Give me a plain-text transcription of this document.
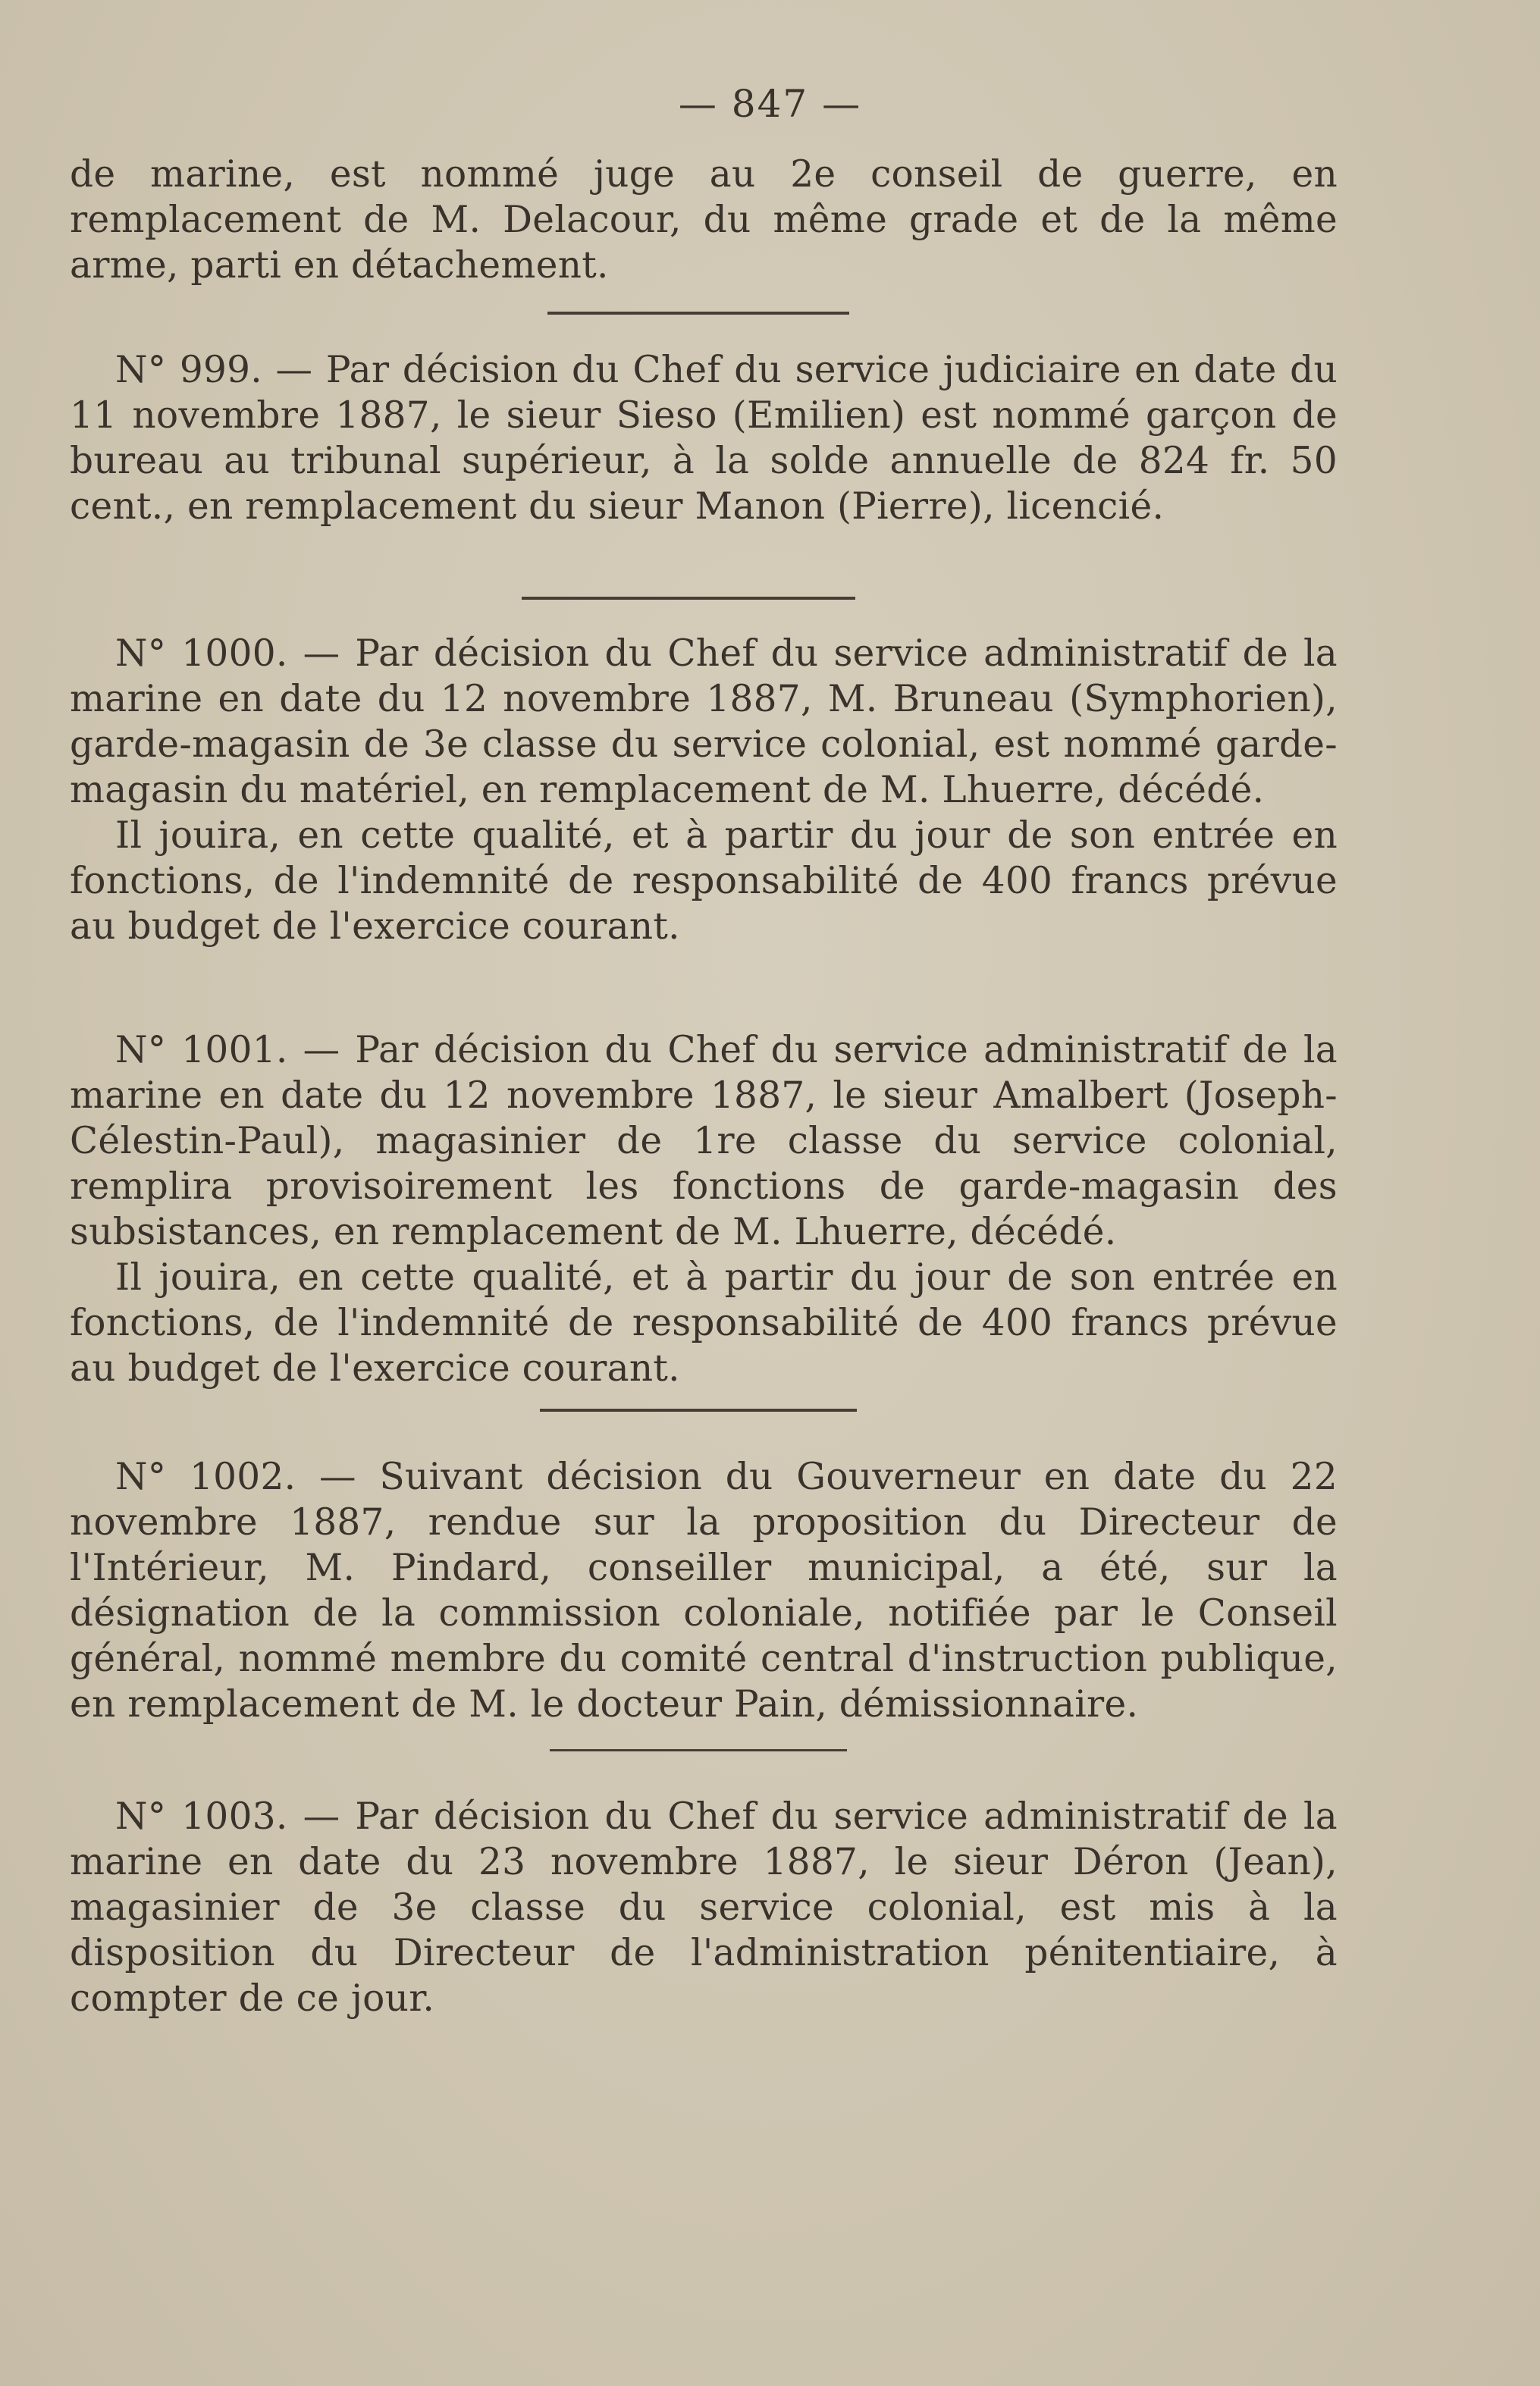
— 847 —

de marine, est nommé juge au 2e conseil de guerre, en remplacement de M. Delacour, du même grade et de la même arme, parti en détachement.

N° 999. — Par décision du Chef du service judiciaire en date du 11 novembre 1887, le sieur Sieso (Emilien) est nommé garçon de bureau au tribunal supérieur, à la solde annuelle de 824 fr. 50 cent., en remplacement du sieur Manon (Pierre), licencié.

N° 1000. — Par décision du Chef du service administratif de la marine en date du 12 novembre 1887, M. Bruneau (Symphorien), garde-magasin de 3e classe du service colonial, est nommé garde-magasin du matériel, en remplacement de M. Lhuerre, décédé.

Il jouira, en cette qualité, et à partir du jour de son entrée en fonctions, de l'indemnité de responsabilité de 400 francs prévue au budget de l'exercice courant.

N° 1001. — Par décision du Chef du service administratif de la marine en date du 12 novembre 1887, le sieur Amalbert (Joseph-Célestin-Paul), magasinier de 1re classe du service colonial, remplira provisoirement les fonctions de garde-magasin des subsistances, en remplacement de M. Lhuerre, décédé.

Il jouira, en cette qualité, et à partir du jour de son entrée en fonctions, de l'indemnité de responsabilité de 400 francs prévue au budget de l'exercice courant.

N° 1002. — Suivant décision du Gouverneur en date du 22 novembre 1887, rendue sur la proposition du Directeur de l'Intérieur, M. Pindard, conseiller municipal, a été, sur la désignation de la commission coloniale, notifiée par le Conseil général, nommé membre du comité central d'instruction publique, en remplacement de M. le docteur Pain, démissionnaire.

N° 1003. — Par décision du Chef du service administratif de la marine en date du 23 novembre 1887, le sieur Déron (Jean), magasinier de 3e classe du service colonial, est mis à la disposition du Directeur de l'administration pénitentiaire, à compter de ce jour.
